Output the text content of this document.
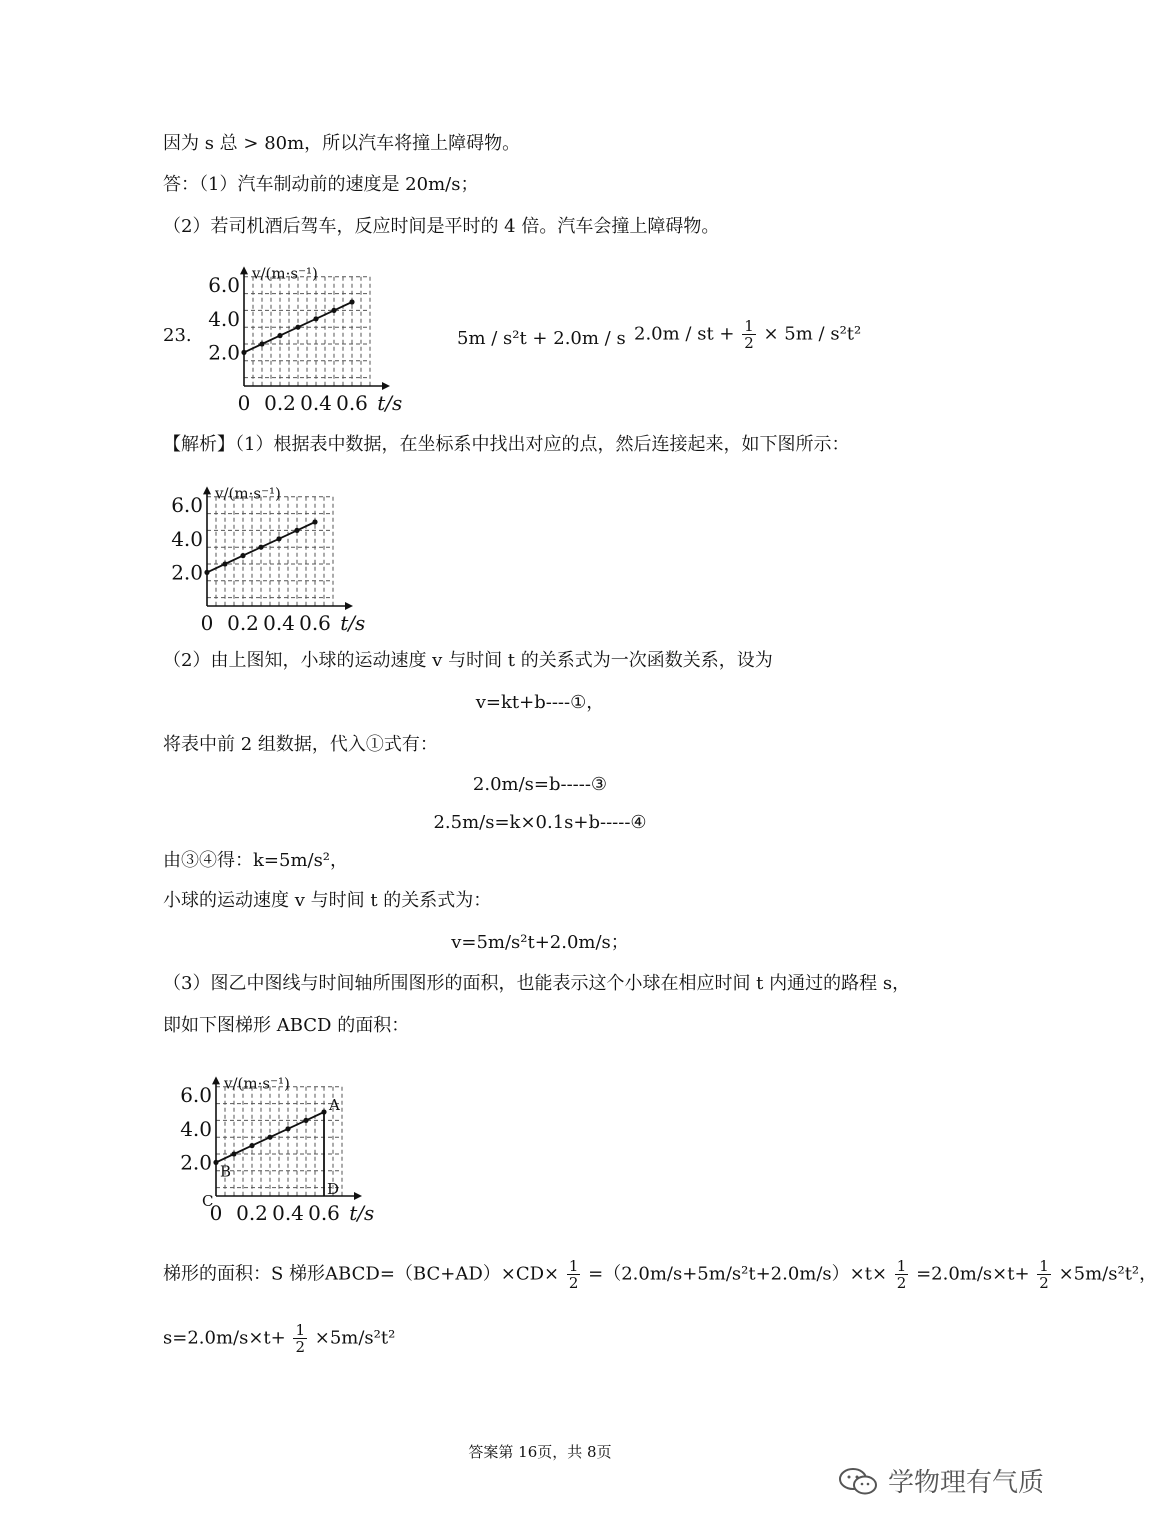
因为 s 总 > 80m，所以汽车将撞上障碍物。
答：（1）汽车制动前的速度是 20m/s；
（2）若司机酒后驾车，反应时间是平时的 4 倍。汽车会撞上障碍物。
23.
v/(m·s⁻¹)
t/s
6.0
4.0
2.0
0 0.2 0.4 0.6
5m / s²t + 2.0m / s 2.0m / st + $\frac{1}{2} \times 5m / s^2t^2$
【解析】（1）根据表中数据，在坐标系中找出对应的点，然后连接起来，如下图所示：
v/(m·s⁻¹)
t/s
6.0
4.0
2.0
0 0.2 0.4 0.6
（2）由上图知，小球的运动速度 v 与时间 t 的关系式为一次函数关系，设为
v=kt+b----①，
将表中前 2 组数据，代入①式有：
2.0m/s=b-----③
2.5m/s=k×0.1s+b-----④
由③④得：k=5m/s²，
小球的运动速度 v 与时间 t 的关系式为：
v=5m/s²t+2.0m/s；
（3）图乙中图线与时间轴所围图形的面积，也能表示这个小球在相应时间 t 内通过的路程 s，
即如下图梯形 ABCD 的面积：
v/(m·s⁻¹)
t/s
6.0
4.0
2.0
0 0.2 0.4 0.6
A
B
C
D
梯形的面积：S 梯形ABCD=（BC+AD）×CD× $\frac{1}{2} =(2.0m/s+5m/s^2t+2.0m/s)\times t\times \frac{1}{2} =2.0m/s\times t+ \frac{1}{2} \times 5m/s^2t^2$，
$s=2.0m/s\times t+ \frac{1}{2} \times 5m/s^2t^2$
答案第 16页，共 8页
学物理有气质
